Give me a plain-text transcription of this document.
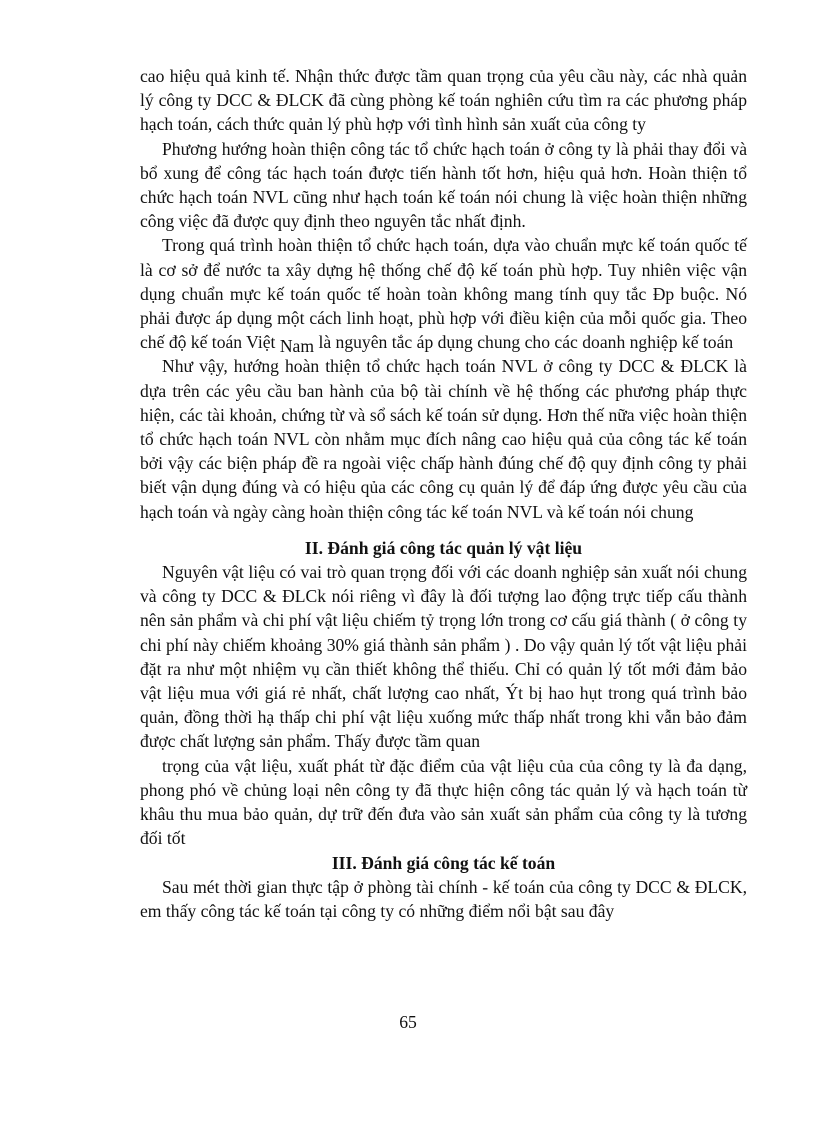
cao hiệu quả kinh tế. Nhận thức được tầm quan trọng của yêu cầu này, các nhà quản lý công ty DCC & ĐLCK đã cùng phòng kế toán nghiên cứu tìm ra các phương pháp hạch toán, cách thức quản lý phù hợp với tình hình sản xuất của công ty

Phương hướng hoàn thiện công tác tổ chức hạch toán ở công ty là phải thay đổi và bổ xung để công tác hạch toán được tiến hành tốt hơn, hiệu quả hơn. Hoàn thiện tổ chức hạch toán NVL cũng như hạch toán kế toán nói chung là việc hoàn thiện những công việc đã được quy định theo nguyên tắc nhất định.

Trong quá trình hoàn thiện tổ chức hạch toán, dựa vào chuẩn mực kế toán quốc tế là cơ sở để nước ta xây dựng hệ thống chế độ kế toán phù hợp. Tuy nhiên việc vận dụng chuẩn mực kế toán quốc tế hoàn toàn không mang tính quy tắc Đp buộc. Nó phải được áp dụng một cách linh hoạt, phù hợp với điều kiện của mỗi quốc gia. Theo chế độ kế toán Việt Nam là nguyên tắc áp dụng chung cho các doanh nghiệp kế toán

Như vậy, hướng hoàn thiện tổ chức hạch toán NVL ở công ty DCC & ĐLCK là dựa trên các yêu cầu ban hành của bộ tài chính về hệ thống các phương pháp thực hiện, các tài khoản, chứng từ và sổ sách kế toán sử dụng. Hơn thế nữa việc hoàn thiện tổ chức hạch toán NVL còn nhằm mục đích nâng cao hiệu quả của công tác kế toán bởi vậy các biện pháp đề ra ngoài việc chấp hành đúng chế độ quy định công ty phải biết vận dụng đúng và có hiệu qủa các công cụ quản lý để đáp ứng được yêu cầu của hạch toán và ngày càng hoàn thiện công tác kế toán NVL và kế toán nói chung

II. Đánh giá công tác quản lý vật liệu

Nguyên vật liệu có vai trò quan trọng đối với các doanh nghiệp sản xuất nói chung và công ty DCC & ĐLCk nói riêng vì đây là đối tượng lao động trực tiếp cấu thành nên sản phẩm và chi phí vật liệu chiếm tỷ trọng lớn trong cơ cấu giá thành ( ở công ty chi phí này chiếm khoảng 30% giá thành sản phẩm ) . Do vậy quản lý tốt vật liệu phải đặt ra như một nhiệm vụ cần thiết không thể thiếu. Chỉ có quản lý tốt mới đảm bảo vật liệu mua với giá rẻ nhất, chất lượng cao nhất, Ýt bị hao hụt trong quá trình bảo quản, đồng thời hạ thấp chi phí vật liệu xuống mức thấp nhất trong khi vẫn bảo đảm được chất lượng sản phẩm. Thấy được tầm quan

trọng của vật liệu, xuất phát từ đặc điểm của vật liệu của của công ty là đa dạng, phong phó về chủng loại nên công ty đã thực hiện công tác quản lý và hạch toán từ khâu thu mua bảo quản, dự trữ đến đưa vào sản xuất sản phẩm của công ty là tương đối tốt

III. Đánh giá công tác kế toán

Sau mét thời gian thực tập ở phòng tài chính - kế toán của công ty DCC & ĐLCK, em thấy công tác kế toán tại công ty có những điểm nổi bật sau đây

65
